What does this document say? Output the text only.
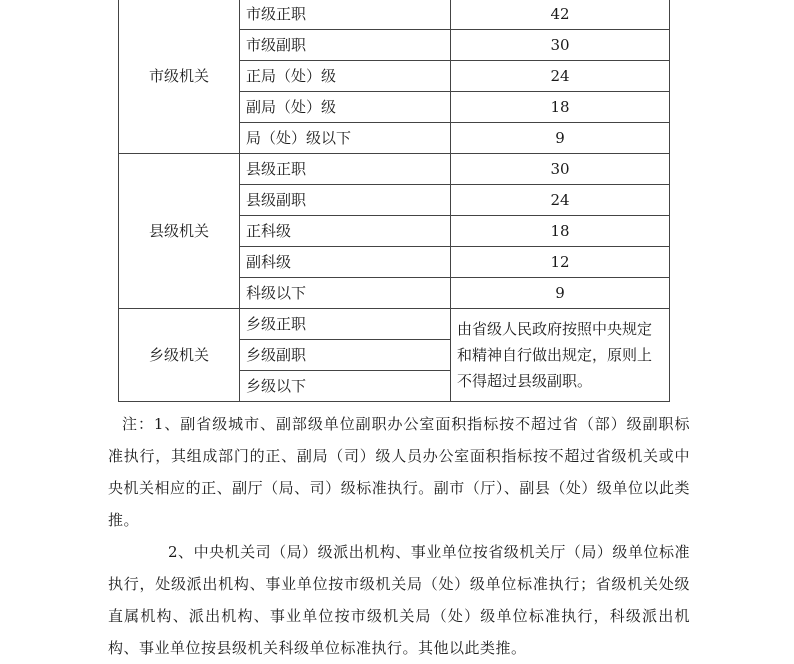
市级机关	市级正职	42
	市级副职	30
	正局（处）级	24
	副局（处）级	18
	局（处）级以下	9
县级机关	县级正职	30
	县级副职	24
	正科级	18
	副科级	12
	科级以下	9
乡级机关	乡级正职	由省级人民政府按照中央规定和精神自行做出规定，原则上不得超过县级副职。
	乡级副职	
	乡级以下	

注：1、副省级城市、副部级单位副职办公室面积指标按不超过省（部）级副职标准执行，其组成部门的正、副局（司）级人员办公室面积指标按不超过省级机关或中央机关相应的正、副厅（局、司）级标准执行。副市（厅）、副县（处）级单位以此类推。

2、中央机关司（局）级派出机构、事业单位按省级机关厅（局）级单位标准执行，处级派出机构、事业单位按市级机关局（处）级单位标准执行；省级机关处级直属机构、派出机构、事业单位按市级机关局（处）级单位标准执行，科级派出机构、事业单位按县级机关科级单位标准执行。其他以此类推。
